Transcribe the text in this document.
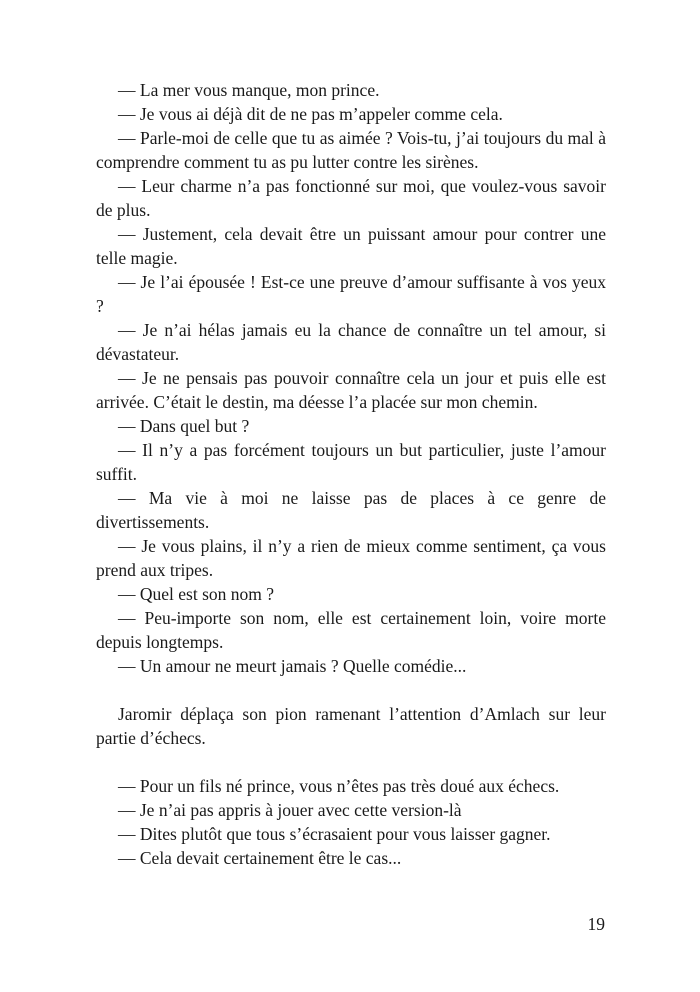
— La mer vous manque, mon prince.

— Je vous ai déjà dit de ne pas m’appeler comme cela.

— Parle-moi de celle que tu as aimée ? Vois-tu, j’ai toujours du mal à comprendre comment tu as pu lutter contre les sirènes.

— Leur charme n’a pas fonctionné sur moi, que voulez-vous savoir de plus.

— Justement, cela devait être un puissant amour pour contrer une telle magie.

— Je l’ai épousée ! Est-ce une preuve d’amour suffisante à vos yeux ?

— Je n’ai hélas jamais eu la chance de connaître un tel amour, si dévastateur.

— Je ne pensais pas pouvoir connaître cela un jour et puis elle est arrivée. C’était le destin, ma déesse l’a placée sur mon chemin.

— Dans quel but ?

— Il n’y a pas forcément toujours un but particulier, juste l’amour suffit.

— Ma vie à moi ne laisse pas de places à ce genre de divertissements.

— Je vous plains, il n’y a rien de mieux comme sentiment, ça vous prend aux tripes.

— Quel est son nom ?

— Peu-importe son nom, elle est certainement loin, voire morte depuis longtemps.

— Un amour ne meurt jamais ? Quelle comédie...

Jaromir déplaça son pion ramenant l’attention d’Amlach sur leur partie d’échecs.

— Pour un fils né prince, vous n’êtes pas très doué aux échecs.

— Je n’ai pas appris à jouer avec cette version-là

— Dites plutôt que tous s’écrasaient pour vous laisser gagner.

— Cela devait certainement être le cas...

19
